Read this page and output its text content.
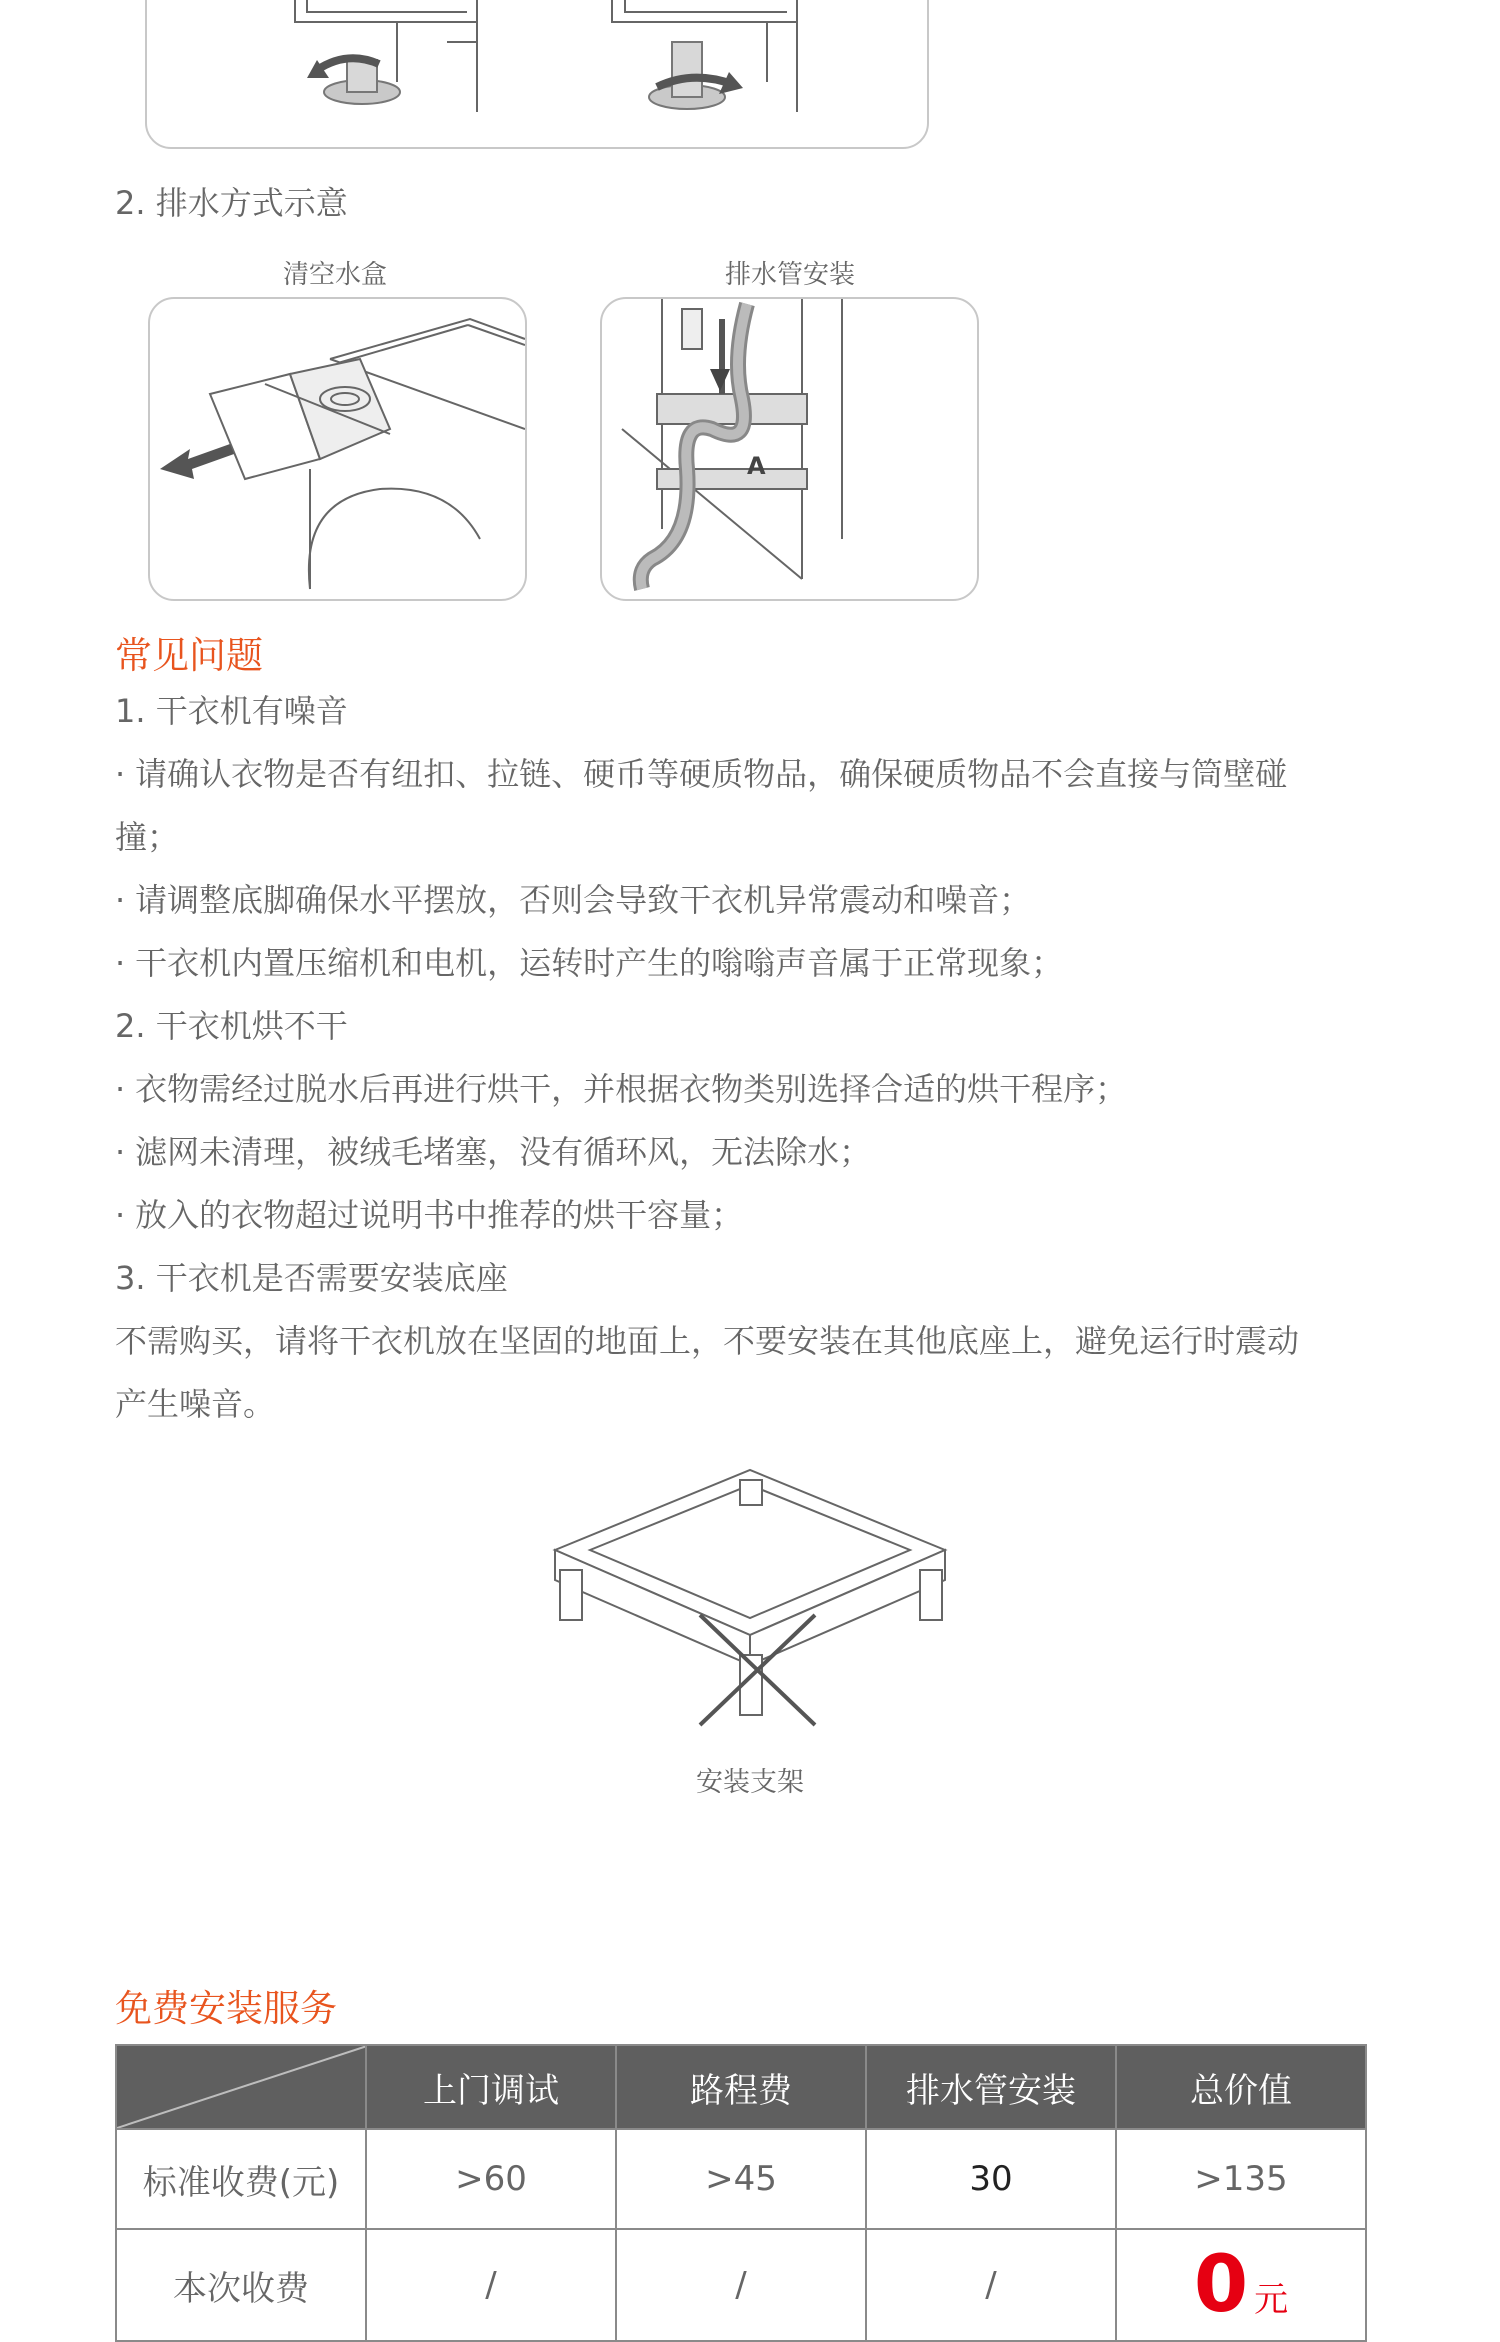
2. 排水方式示意
清空水盒	排水管安装
A
常见问题
1. 干衣机有噪音
· 请确认衣物是否有纽扣、拉链、硬币等硬质物品，确保硬质物品不会直接与筒壁碰
撞；
· 请调整底脚确保水平摆放，否则会导致干衣机异常震动和噪音；
· 干衣机内置压缩机和电机，运转时产生的嗡嗡声音属于正常现象；
2. 干衣机烘不干
· 衣物需经过脱水后再进行烘干，并根据衣物类别选择合适的烘干程序；
· 滤网未清理，被绒毛堵塞，没有循环风，无法除水；
· 放入的衣物超过说明书中推荐的烘干容量；
3. 干衣机是否需要安装底座
不需购买，请将干衣机放在坚固的地面上，不要安装在其他底座上，避免运行时震动
产生噪音。
安装支架
免费安装服务
	上门调试	路程费	排水管安装	总价值
标准收费(元)	>60	>45	30	>135
本次收费	/	/	/	0 元
